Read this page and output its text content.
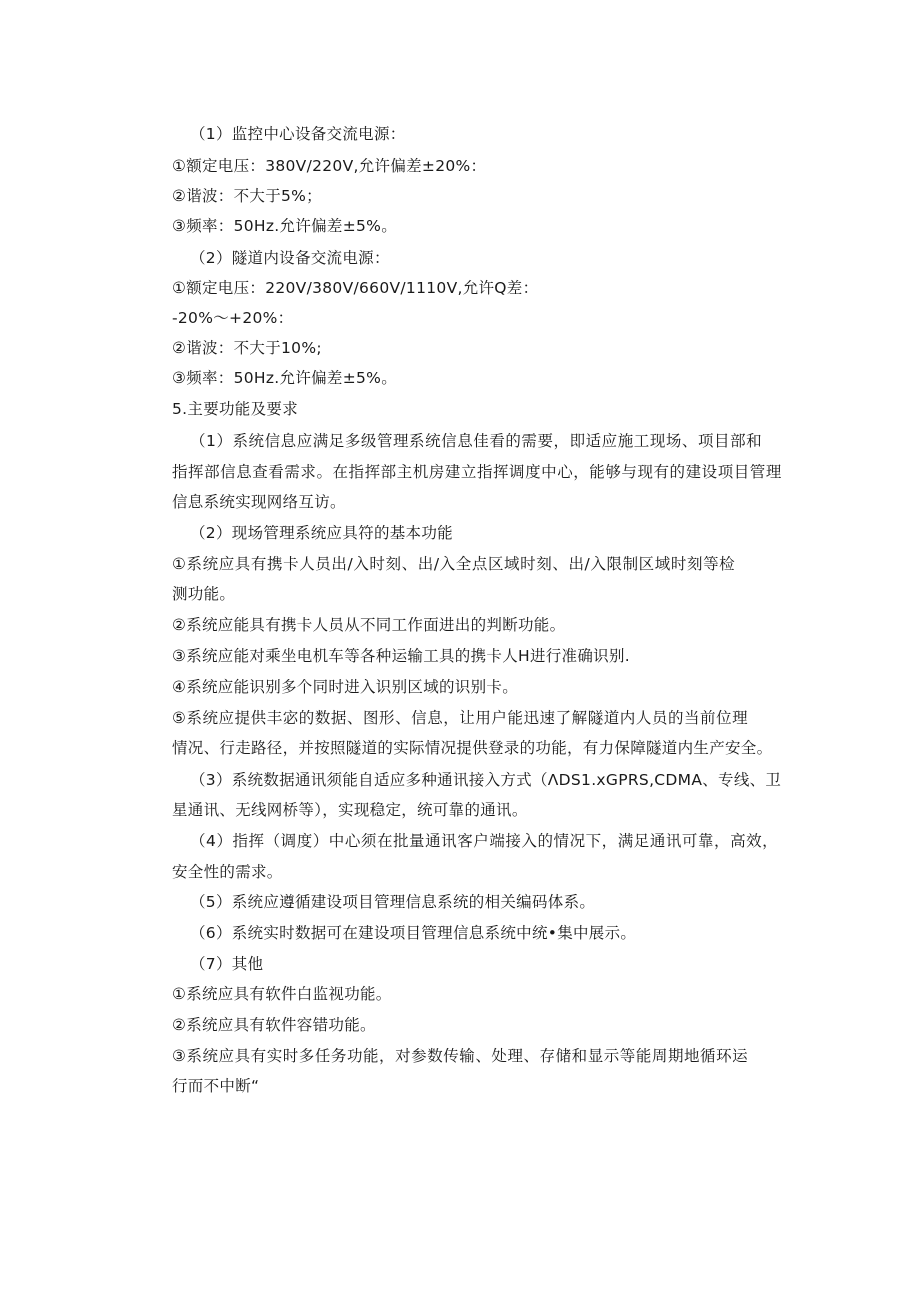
（1）监控中心设备交流电源：
①额定电压：380V/220V,允许偏差±20%：
②谐波：不大于5%；
③频率：50Hz.允许偏差±5%。
（2）隧道内设备交流电源：
①额定电压：220V/380V/660V/1110V,允许Q差：
-20%〜+20%：
②谐波：不大于10%;
③频率：50Hz.允许偏差±5%。
5.主要功能及要求
（1）系统信息应满足多级管理系统信息佳看的需要，即适应施工现场、项目部和
指挥部信息查看需求。在指挥部主机房建立指挥调度中心，能够与现有的建设项目管理
信息系统实现网络互访。
（2）现场管理系统应具符的基本功能
①系统应具有携卡人员出/入时刻、出/入全点区域时刻、出/入限制区域时刻等检
测功能。
②系统应能具有携卡人员从不同工作面进出的判断功能。
③系统应能对乘坐电机车等各种运输工具的携卡人H进行准确识别.
④系统应能识别多个同时进入识别区域的识别卡。
⑤系统应提供丰宓的数据、图形、信息，让用户能迅速了解隧道内人员的当前位理
情况、行走路径，并按照隧道的实际情况提供登录的功能，有力保障隧道内生产安全。
（3）系统数据通讯须能自适应多种通讯接入方式（ΛDS1.xGPRS,CDMA、专线、卫
星通讯、无线网桥等），实现稳定，统可靠的通讯。
（4）指挥（调度）中心须在批量通讯客户端接入的情况下，满足通讯可靠，高效，
安全性的需求。
（5）系统应遵循建设项目管理信息系统的相关编码体系。
（6）系统实时数据可在建设项目管理信息系统中统•集中展示。
（7）其他
①系统应具有软件白监视功能。
②系统应具有软件容错功能。
③系统应具有实时多任务功能，对参数传输、处理、存储和显示等能周期地循环运
行而不中断“
